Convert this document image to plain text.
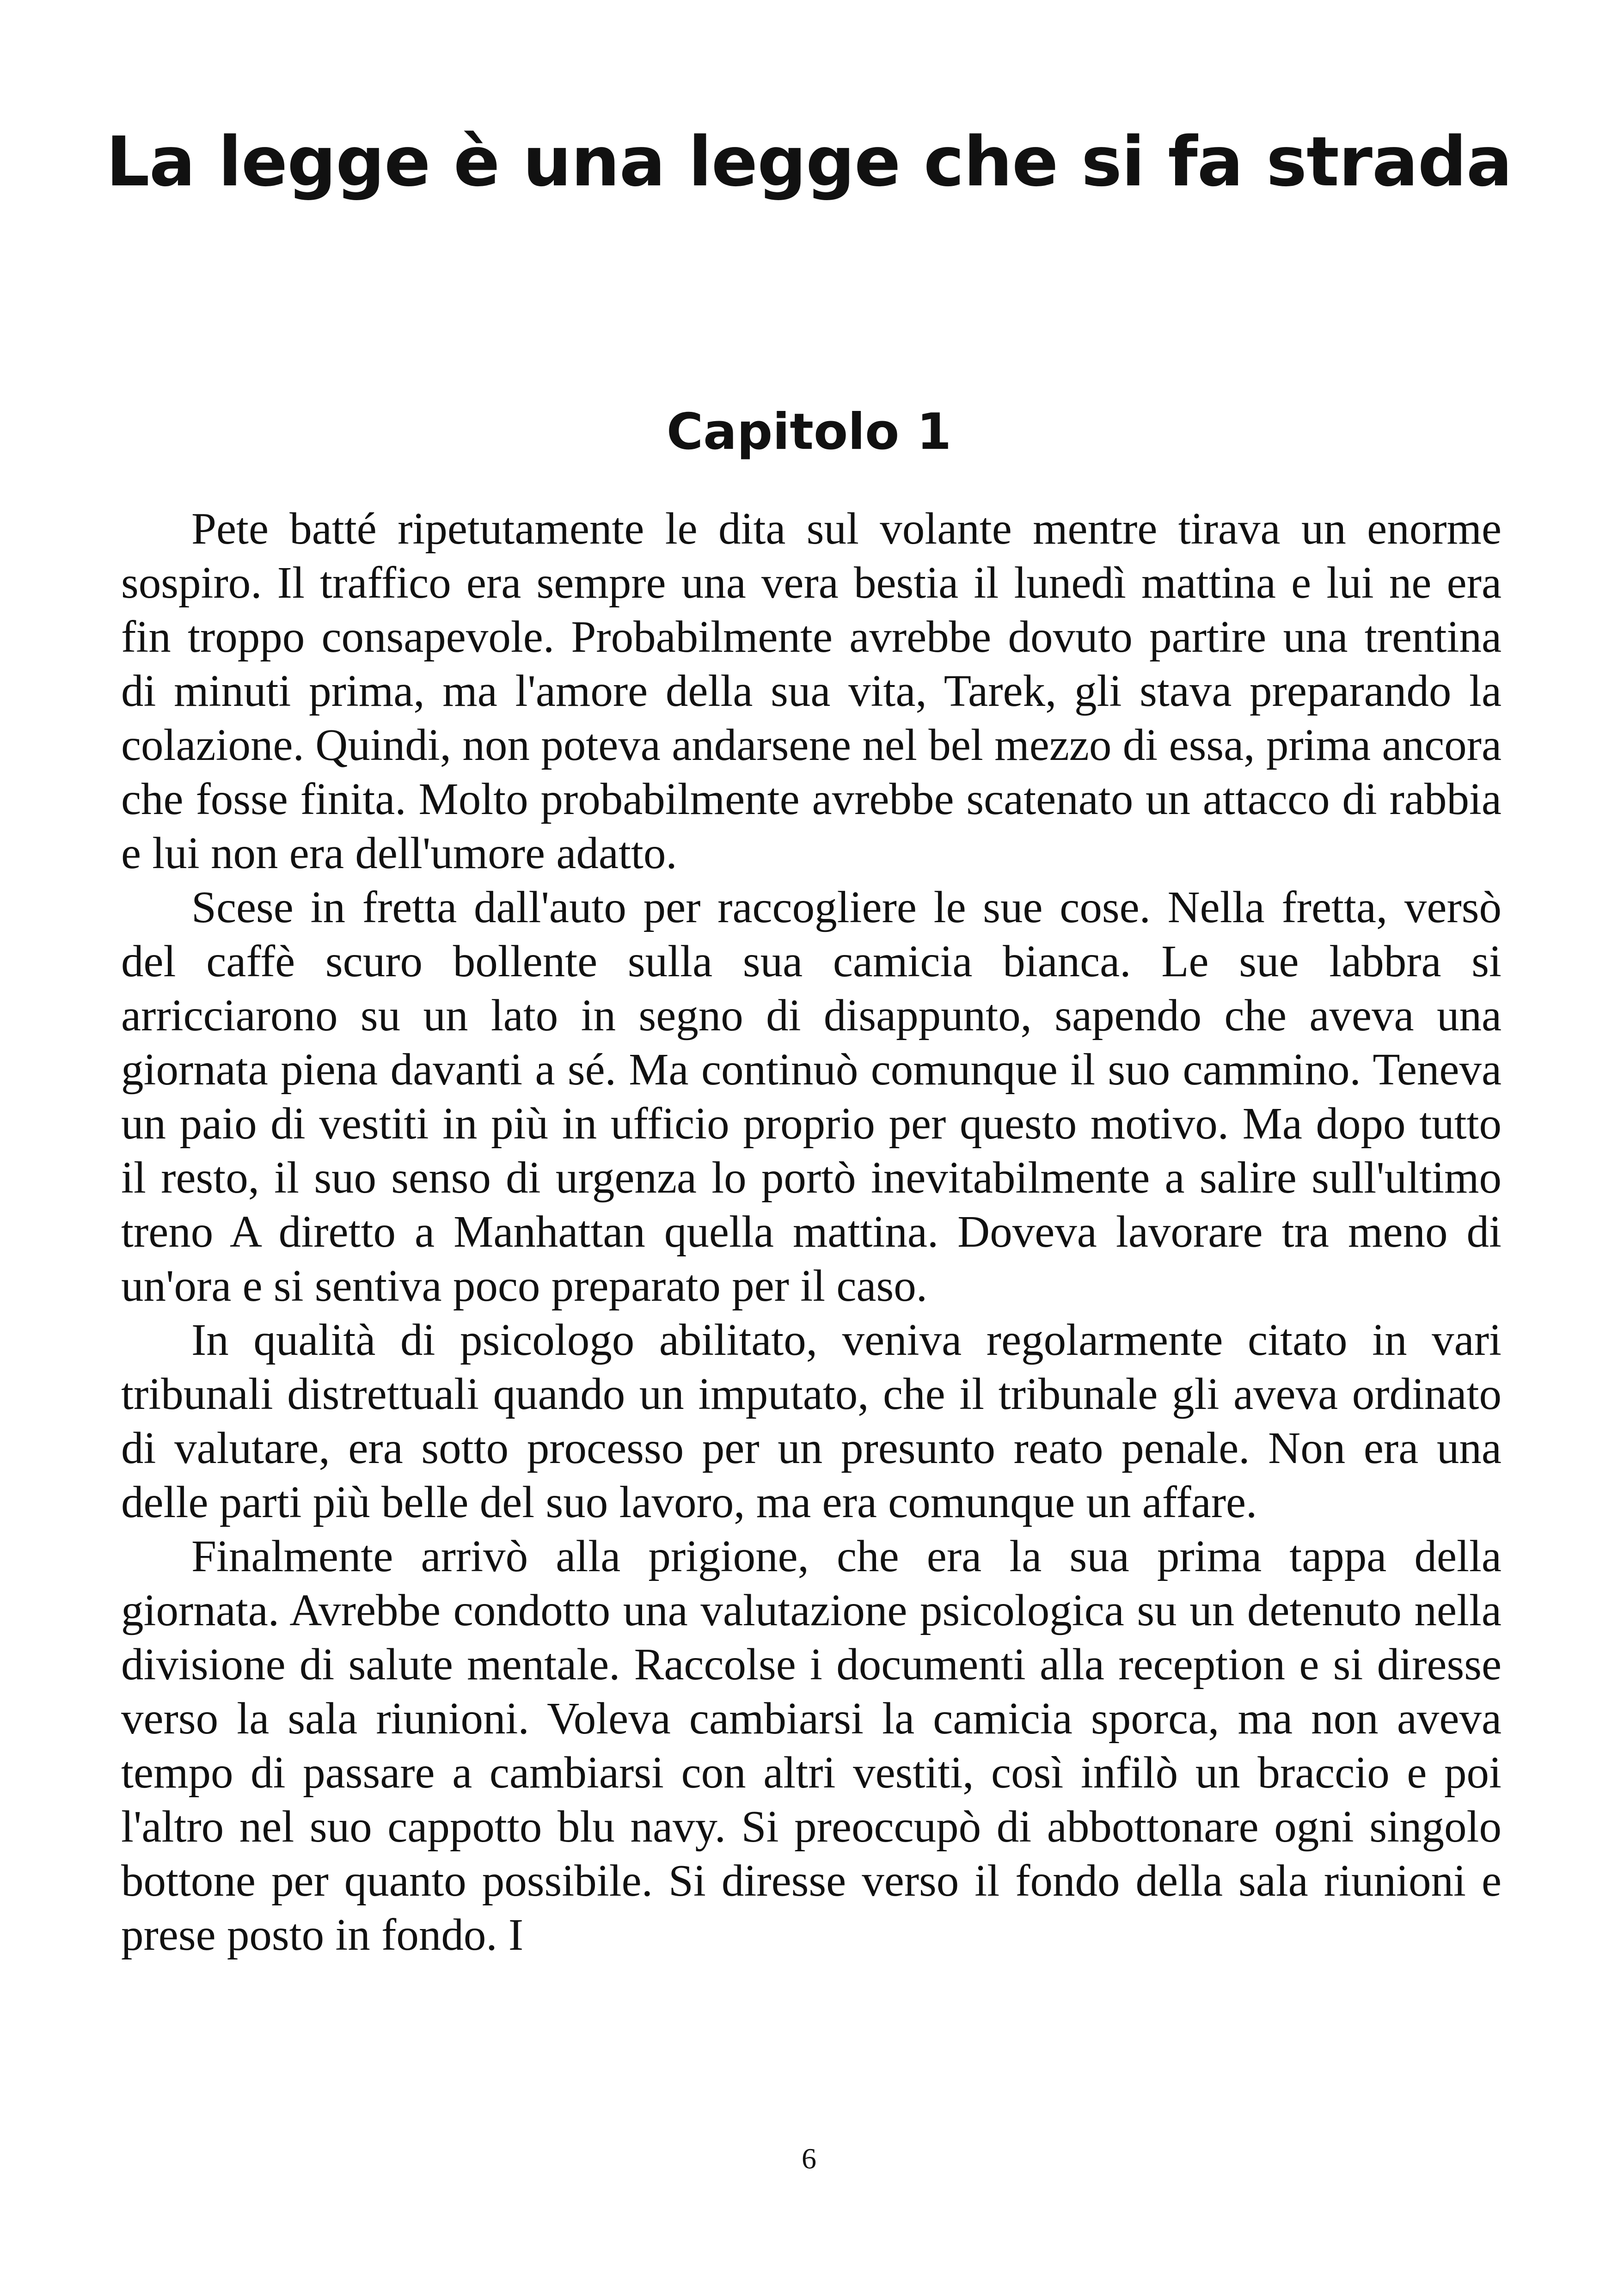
La legge è una legge che si fa strada
Capitolo 1

Pete batté ripetutamente le dita sul volante mentre tirava un enorme sospiro. Il traffico era sempre una vera bestia il lunedì mattina e lui ne era fin troppo consapevole. Probabilmente avrebbe dovuto partire una trentina di minuti prima, ma l'amore della sua vita, Tarek, gli stava preparando la colazione. Quindi, non poteva andarsene nel bel mezzo di essa, prima ancora che fosse finita. Molto probabilmente avrebbe scatenato un attacco di rabbia e lui non era dell'umore adatto.

Scese in fretta dall'auto per raccogliere le sue cose. Nella fretta, versò del caffè scuro bollente sulla sua camicia bianca. Le sue labbra si arricciarono su un lato in segno di disappunto, sapendo che aveva una giornata piena davanti a sé. Ma continuò comunque il suo cammino. Teneva un paio di vestiti in più in ufficio proprio per questo motivo. Ma dopo tutto il resto, il suo senso di urgenza lo portò inevitabilmente a salire sull'ultimo treno A diretto a Manhattan quella mattina. Doveva lavorare tra meno di un'ora e si sentiva poco preparato per il caso.

In qualità di psicologo abilitato, veniva regolarmente citato in vari tribunali distrettuali quando un imputato, che il tribunale gli aveva ordinato di valutare, era sotto processo per un presunto reato penale. Non era una delle parti più belle del suo lavoro, ma era comunque un affare.

Finalmente arrivò alla prigione, che era la sua prima tappa della giornata. Avrebbe condotto una valutazione psicologica su un detenuto nella divisione di salute mentale. Raccolse i documenti alla reception e si diresse verso la sala riunioni. Voleva cambiarsi la camicia sporca, ma non aveva tempo di passare a cambiarsi con altri vestiti, così infilò un braccio e poi l'altro nel suo cappotto blu navy. Si preoccupò di abbottonare ogni singolo bottone per quanto possibile. Si diresse verso il fondo della sala riunioni e prese posto in fondo. I

6
